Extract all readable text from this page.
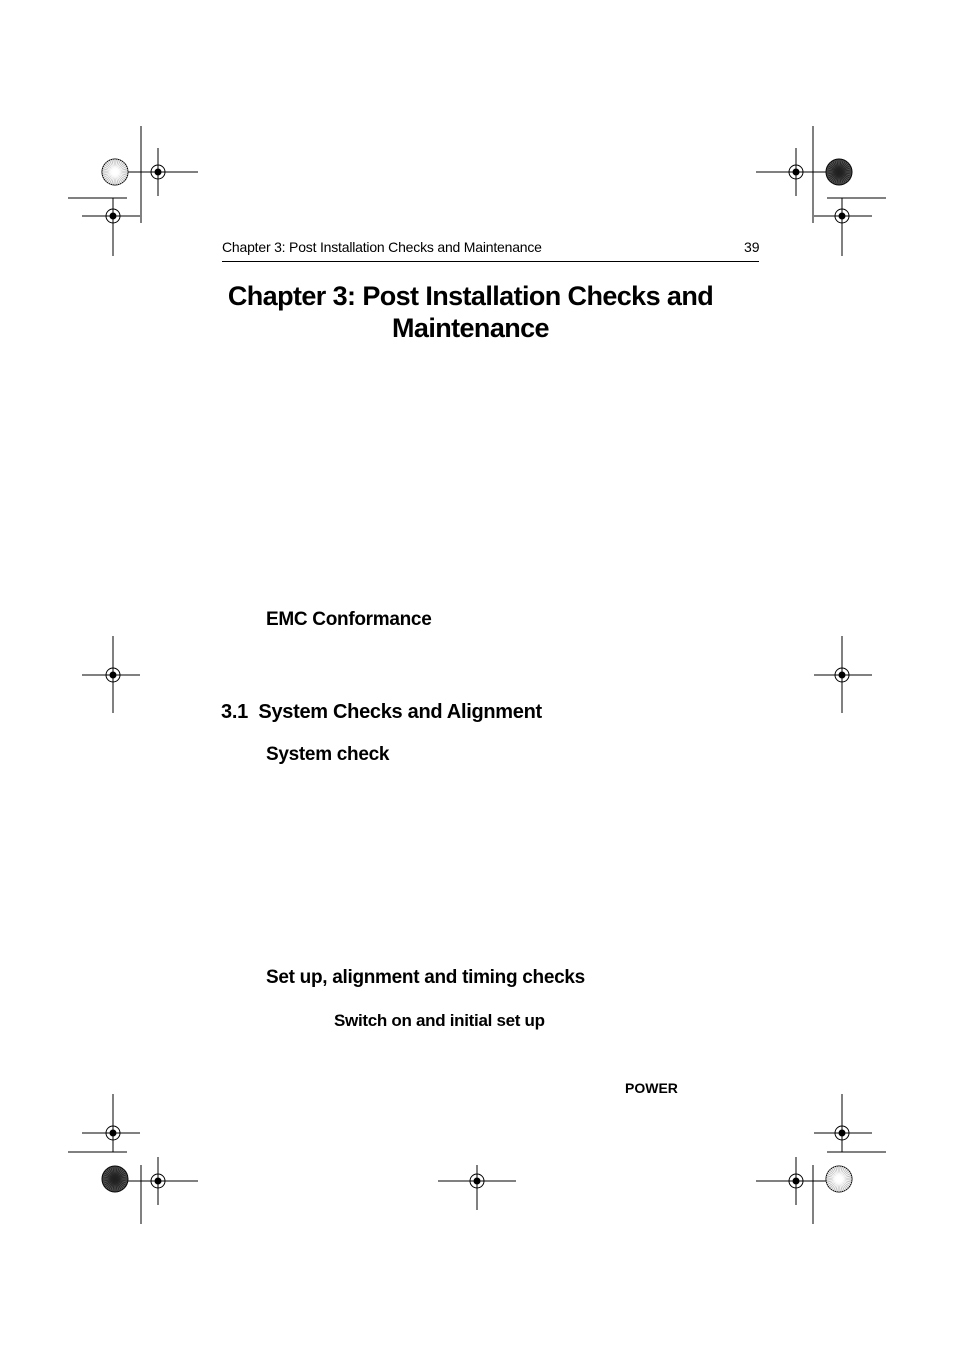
Chapter 3: Post Installation Checks and Maintenance	39
Chapter 3: Post Installation Checks and
Maintenance
EMC Conformance
3.1 System Checks and Alignment
System check
Set up, alignment and timing checks
Switch on and initial set up
POWER
